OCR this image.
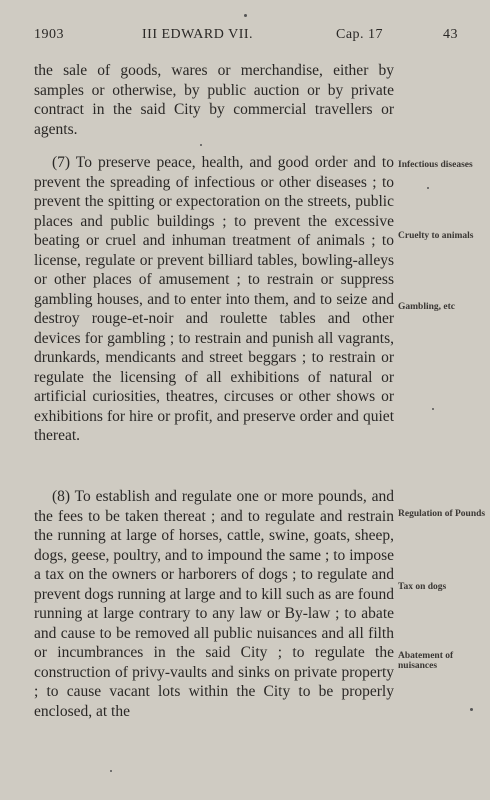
1903	III EDWARD VII.	Cap. 17	43
the sale of goods, wares or merchandise, either by samples or otherwise, by public auction or by private contract in the said City by commercial travellers or agents.
(7) To preserve peace, health, and good order and to prevent the spreading of infectious or other diseases ; to prevent the spitting or expectoration on the streets, public places and public buildings ; to prevent the excessive beating or cruel and inhuman treatment of animals ; to license, regulate or prevent billiard tables, bowling-alleys or other places of amusement ; to restrain or suppress gambling houses, and to enter into them, and to seize and destroy rouge-et-noir and roulette tables and other devices for gambling ; to restrain and punish all vagrants, drunkards, mendicants and street beggars ; to restrain or regulate the licensing of all exhibitions of natural or artificial curiosities, theatres, circuses or other shows or exhibitions for hire or profit, and preserve order and quiet thereat.
(8) To establish and regulate one or more pounds, and the fees to be taken thereat ; and to regulate and restrain the running at large of horses, cattle, swine, goats, sheep, dogs, geese, poultry, and to impound the same ; to impose a tax on the owners or harborers of dogs ; to regulate and prevent dogs running at large and to kill such as are found running at large contrary to any law or By-law ; to abate and cause to be removed all public nuisances and all filth or incumbrances in the said City ; to regulate the construction of privy-vaults and sinks on private property ; to cause vacant lots within the City to be properly enclosed, at the
Infectious diseases
Cruelty to animals
Gambling, etc
Regulation of Pounds
Tax on dogs
Abatement of nuisances
